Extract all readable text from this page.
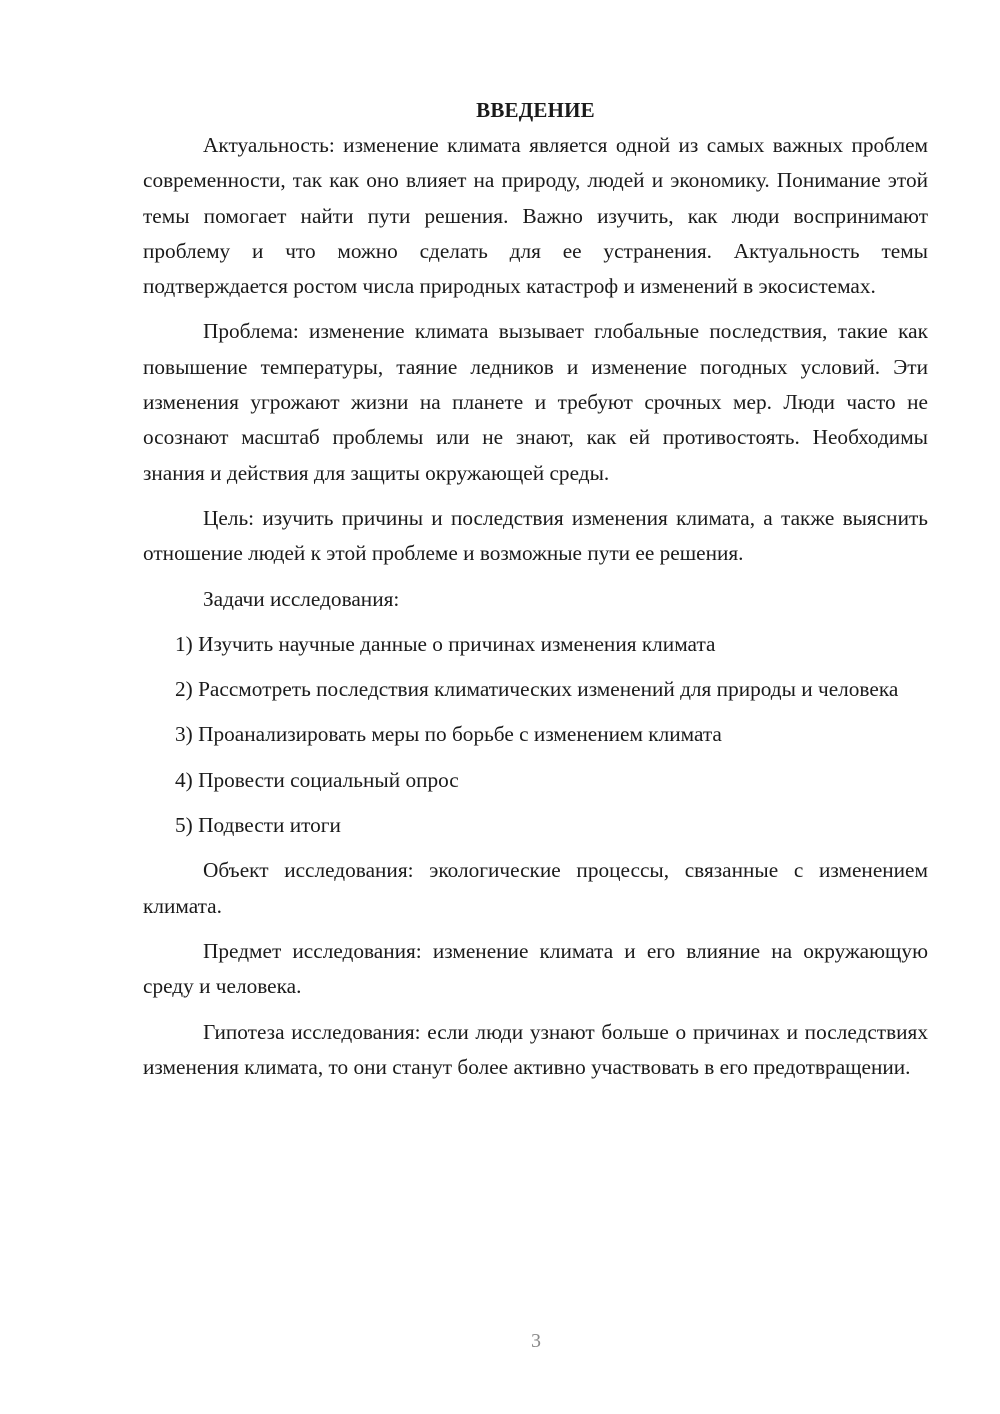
ВВЕДЕНИЕ

Актуальность: изменение климата является одной из самых важных проблем современности, так как оно влияет на природу, людей и экономику. Понимание этой темы помогает найти пути решения. Важно изучить, как люди воспринимают проблему и что можно сделать для ее устранения. Актуальность темы подтверждается ростом числа природных катастроф и изменений в экосистемах.

Проблема: изменение климата вызывает глобальные последствия, такие как повышение температуры, таяние ледников и изменение погодных условий. Эти изменения угрожают жизни на планете и требуют срочных мер. Люди часто не осознают масштаб проблемы или не знают, как ей противостоять. Необходимы знания и действия для защиты окружающей среды.

Цель: изучить причины и последствия изменения климата, а также выяснить отношение людей к этой проблеме и возможные пути ее решения.

Задачи исследования:

1) Изучить научные данные о причинах изменения климата

2) Рассмотреть последствия климатических изменений для природы и человека

3) Проанализировать меры по борьбе с изменением климата

4) Провести социальный опрос

5) Подвести итоги

Объект исследования: экологические процессы, связанные с изменением климата.

Предмет исследования: изменение климата и его влияние на окружающую среду и человека.

Гипотеза исследования: если люди узнают больше о причинах и последствиях изменения климата, то они станут более активно участвовать в его предотвращении.

3
